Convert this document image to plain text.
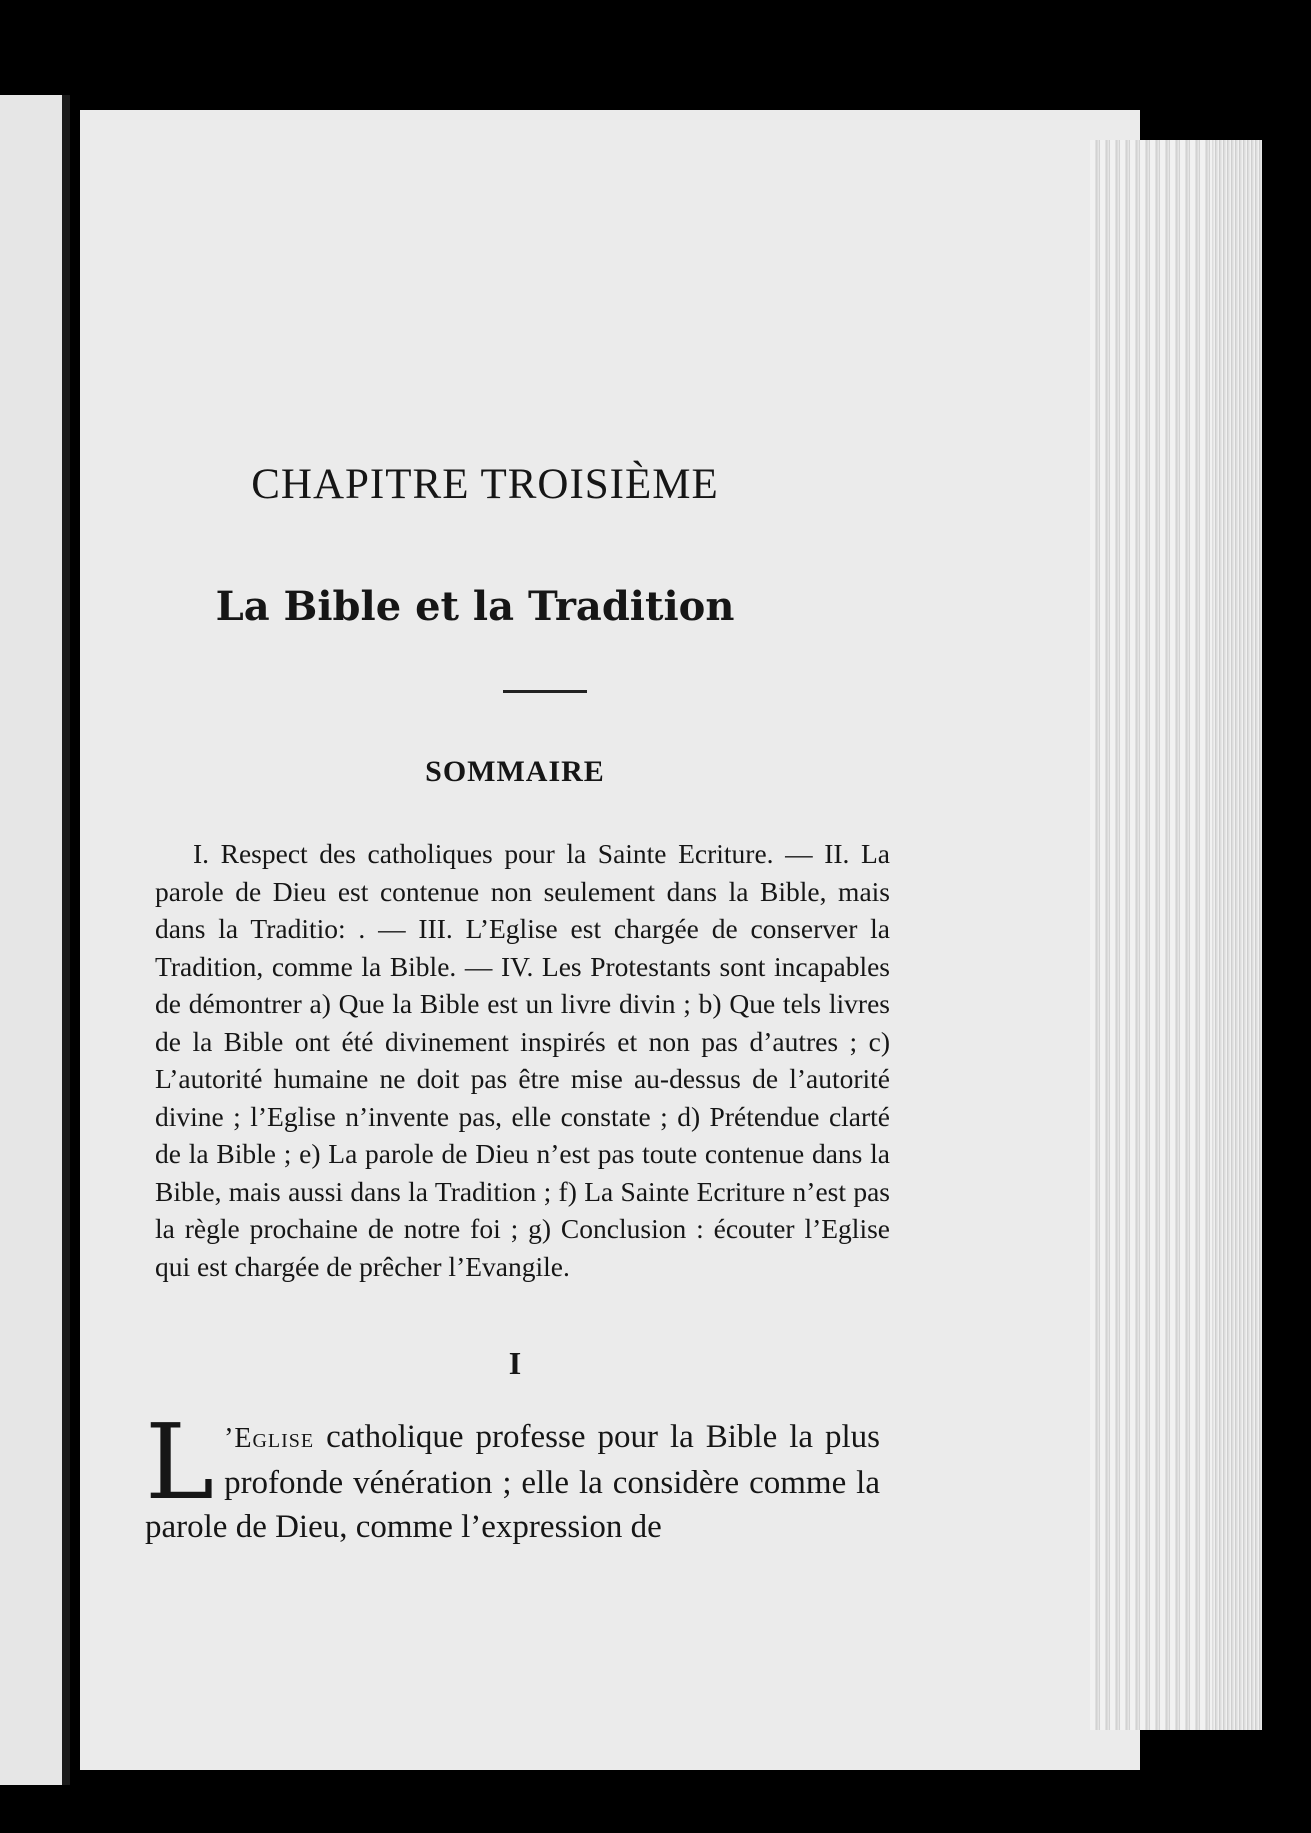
CHAPITRE TROISIÈME
La Bible et la Tradition
SOMMAIRE

I. Respect des catholiques pour la Sainte Ecriture. — II. La parole de Dieu est contenue non seulement dans la Bible, mais dans la Traditio: . — III. L’Eglise est chargée de conserver la Tradition, comme la Bible. — IV. Les Protestants sont incapables de démontrer a) Que la Bible est un livre divin ; b) Que tels livres de la Bible ont été divinement inspirés et non pas d’autres ; c) L’autorité humaine ne doit pas être mise au-dessus de l’autorité divine ; l’Eglise n’invente pas, elle constate ; d) Prétendue clarté de la Bible ; e) La parole de Dieu n’est pas toute contenue dans la Bible, mais aussi dans la Tradition ; f) La Sainte Ecriture n’est pas la règle prochaine de notre foi ; g) Conclusion : écouter l’Eglise qui est chargée de prêcher l’Evangile.

I

L ’Eglise catholique professe pour la Bible la plus profonde vénération ; elle la considère comme la parole de Dieu, comme l’expression de
